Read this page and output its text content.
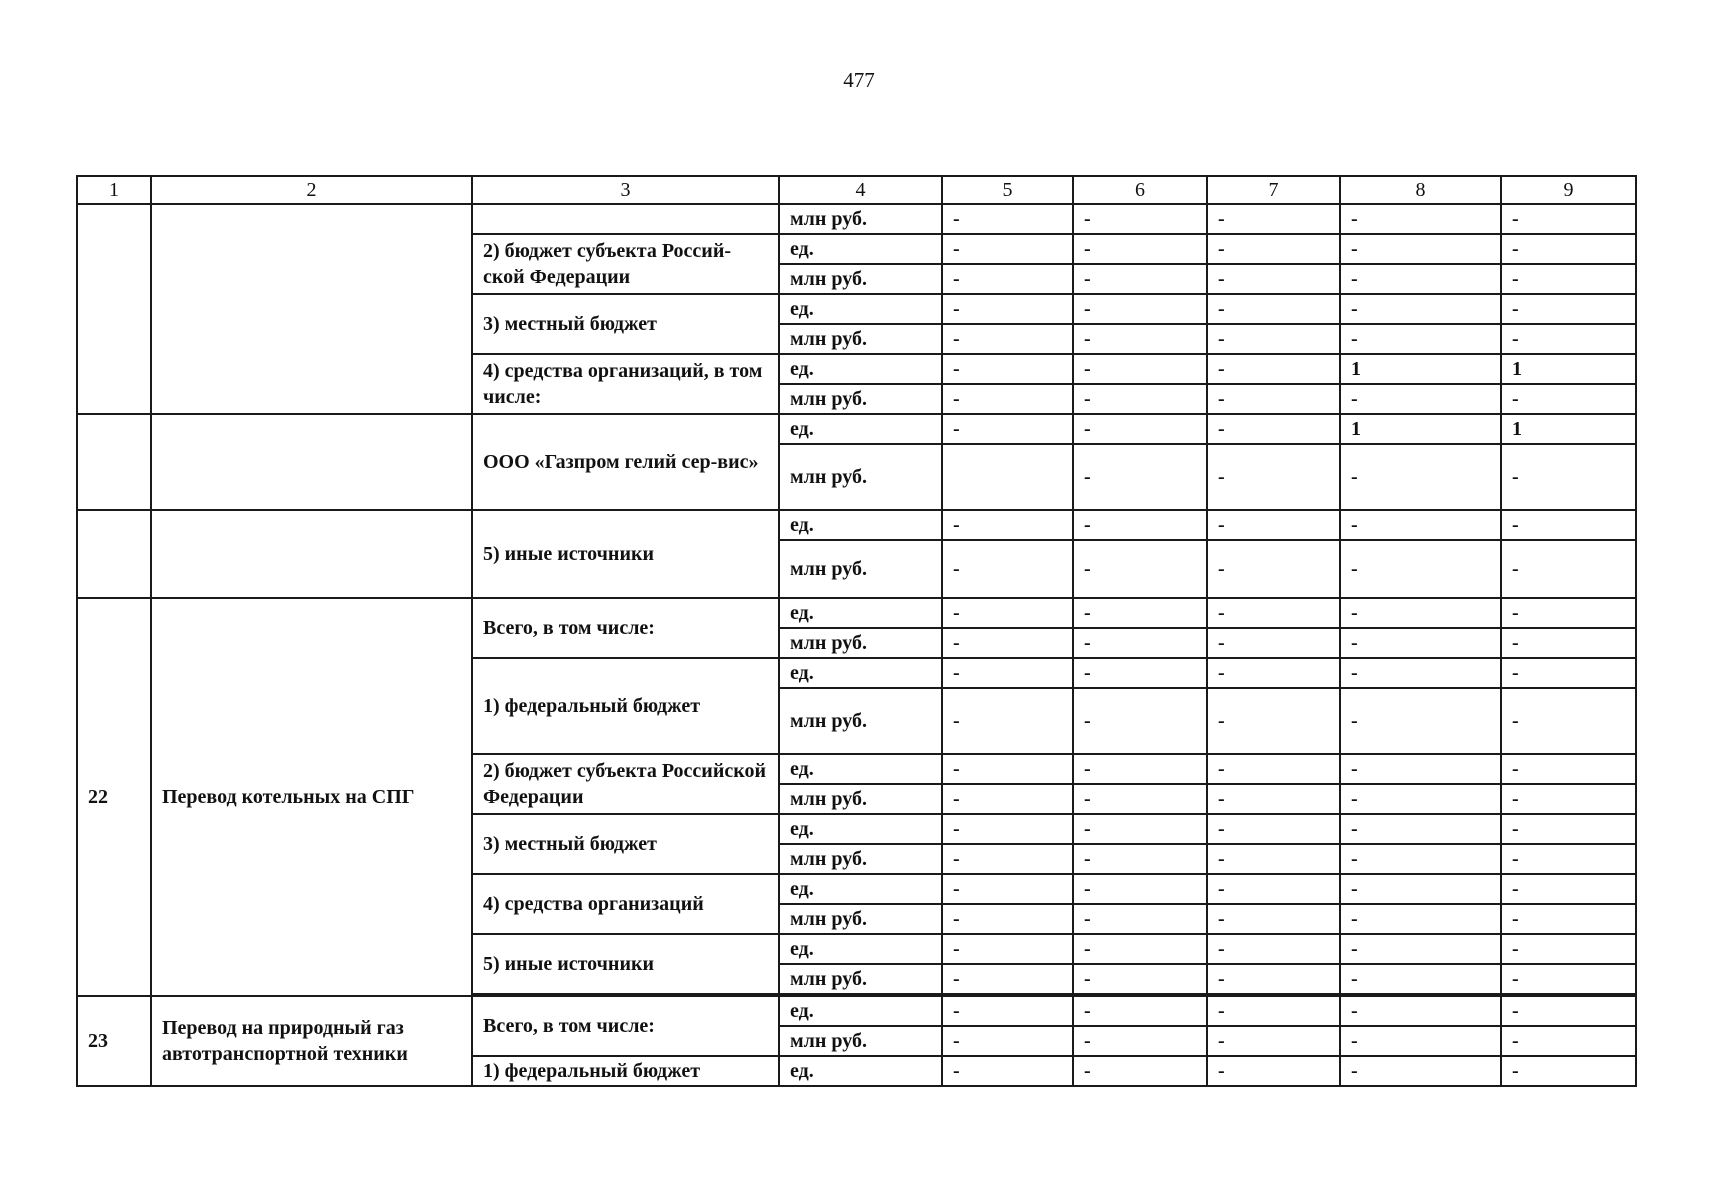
477
1	2	3	4	5	6	7	8	9
			млн руб.	-	-	-	-	-
		2) бюджет субъекта Россий-ской Федерации	ед.	-	-	-	-	-
			млн руб.	-	-	-	-	-
		3) местный бюджет	ед.	-	-	-	-	-
			млн руб.	-	-	-	-	-
		4) средства организаций, в том числе:	ед.	-	-	-	1	1
			млн руб.	-	-	-	-	-
		ООО «Газпром гелий сер-вис»	ед.	-	-	-	1	1
			млн руб.		-	-	-	-
		5) иные источники	ед.	-	-	-	-	-
			млн руб.	-	-	-	-	-
22	Перевод котельных на СПГ	Всего, в том числе:	ед.	-	-	-	-	-
			млн руб.	-	-	-	-	-
		1) федеральный бюджет	ед.	-	-	-	-	-
			млн руб.	-	-	-	-	-
		2) бюджет субъекта Российской Федерации	ед.	-	-	-	-	-
			млн руб.	-	-	-	-	-
		3) местный бюджет	ед.	-	-	-	-	-
			млн руб.	-	-	-	-	-
		4) средства организаций	ед.	-	-	-	-	-
			млн руб.	-	-	-	-	-
		5) иные источники	ед.	-	-	-	-	-
			млн руб.	-	-	-	-	-

23	Перевод на природный газ автотранспортной техники	Всего, в том числе:	ед.	-	-	-	-	-
			млн руб.	-	-	-	-	-
		1) федеральный бюджет	ед.	-	-	-	-	-
